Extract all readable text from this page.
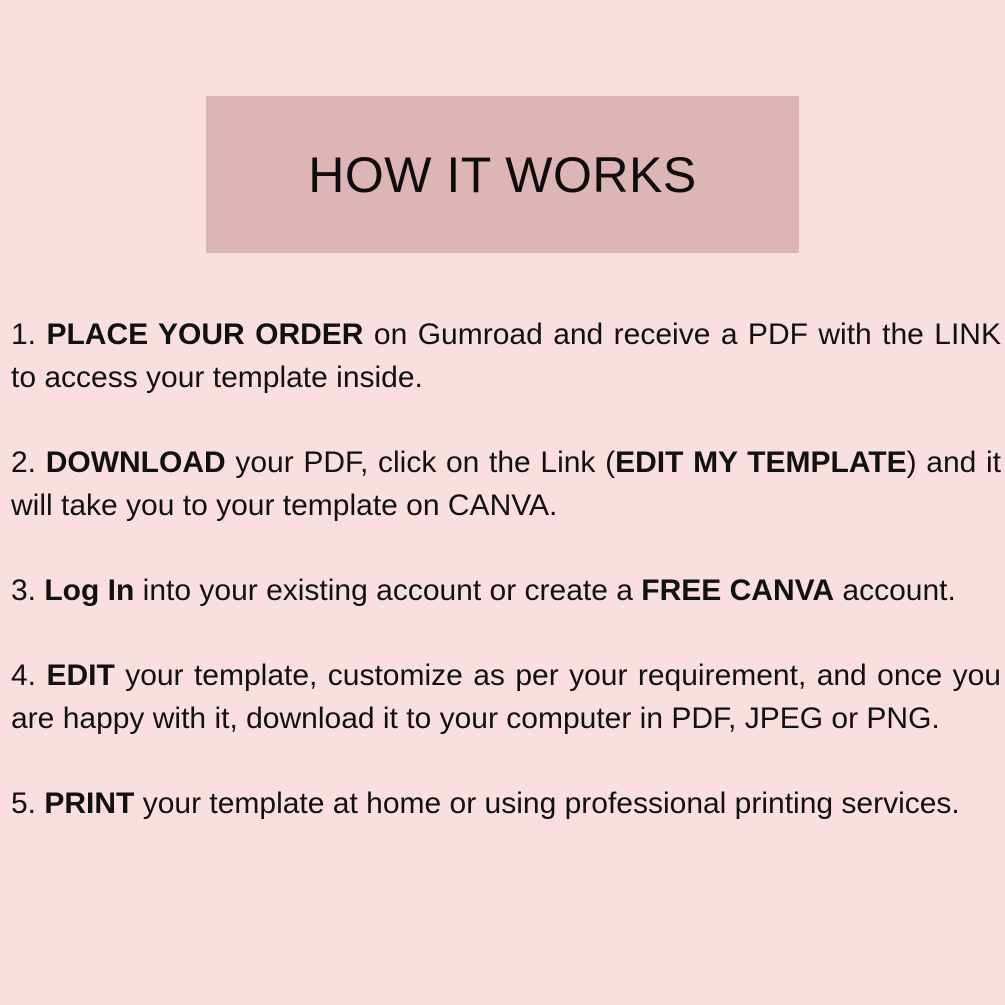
HOW IT WORKS

1. PLACE YOUR ORDER on Gumroad and receive a PDF with the LINK to access your template inside.

2. DOWNLOAD your PDF, click on the Link (EDIT MY TEMPLATE) and it will take you to your template on CANVA.

3. Log In into your existing account or create a FREE CANVA account.

4. EDIT your template, customize as per your requirement, and once you are happy with it, download it to your computer in PDF, JPEG or PNG.

5. PRINT your template at home or using professional printing services.
